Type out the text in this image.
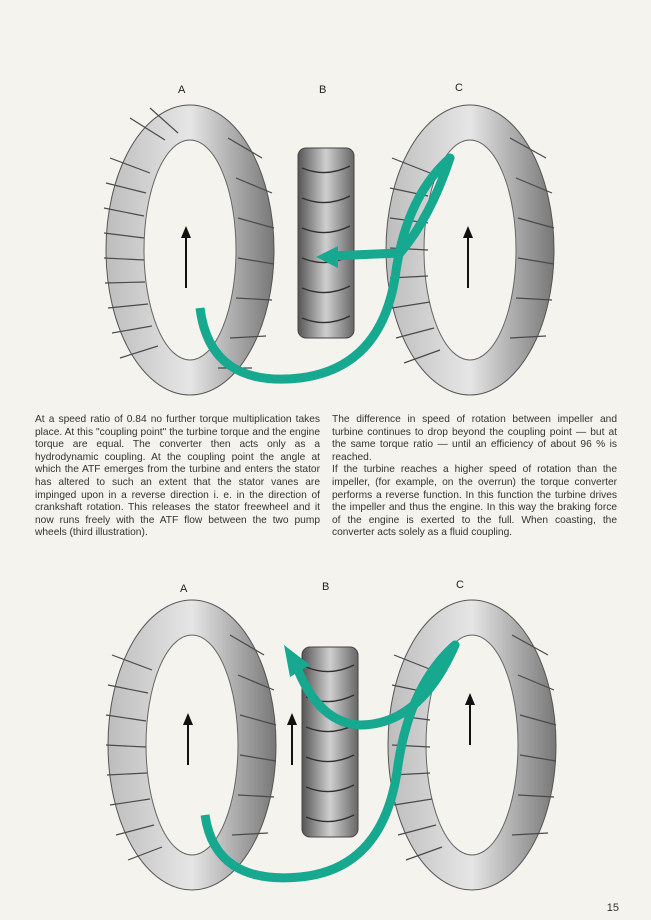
A	B	C

At a speed ratio of 0.84 no further torque multiplication takes place. At this "coupling point" the turbine torque and the engine torque are equal. The converter then acts only as a hydrodynamic coupling. At the coupling point the angle at which the ATF emerges from the turbine and enters the stator has altered to such an extent that the stator vanes are impinged upon in a reverse direction i. e. in the direction of crankshaft rotation. This releases the stator freewheel and it now runs freely with the ATF flow between the two pump wheels (third illustration).

The difference in speed of rotation between impeller and turbine continues to drop beyond the coupling point — but at the same torque ratio — until an efficiency of about 96 % is reached.

If the turbine reaches a higher speed of rotation than the impeller, (for example, on the overrun) the torque converter performs a reverse function. In this function the turbine drives the impeller and thus the engine. In this way the braking force of the engine is exerted to the full. When coasting, the converter acts solely as a fluid coupling.

A	B	C
15
